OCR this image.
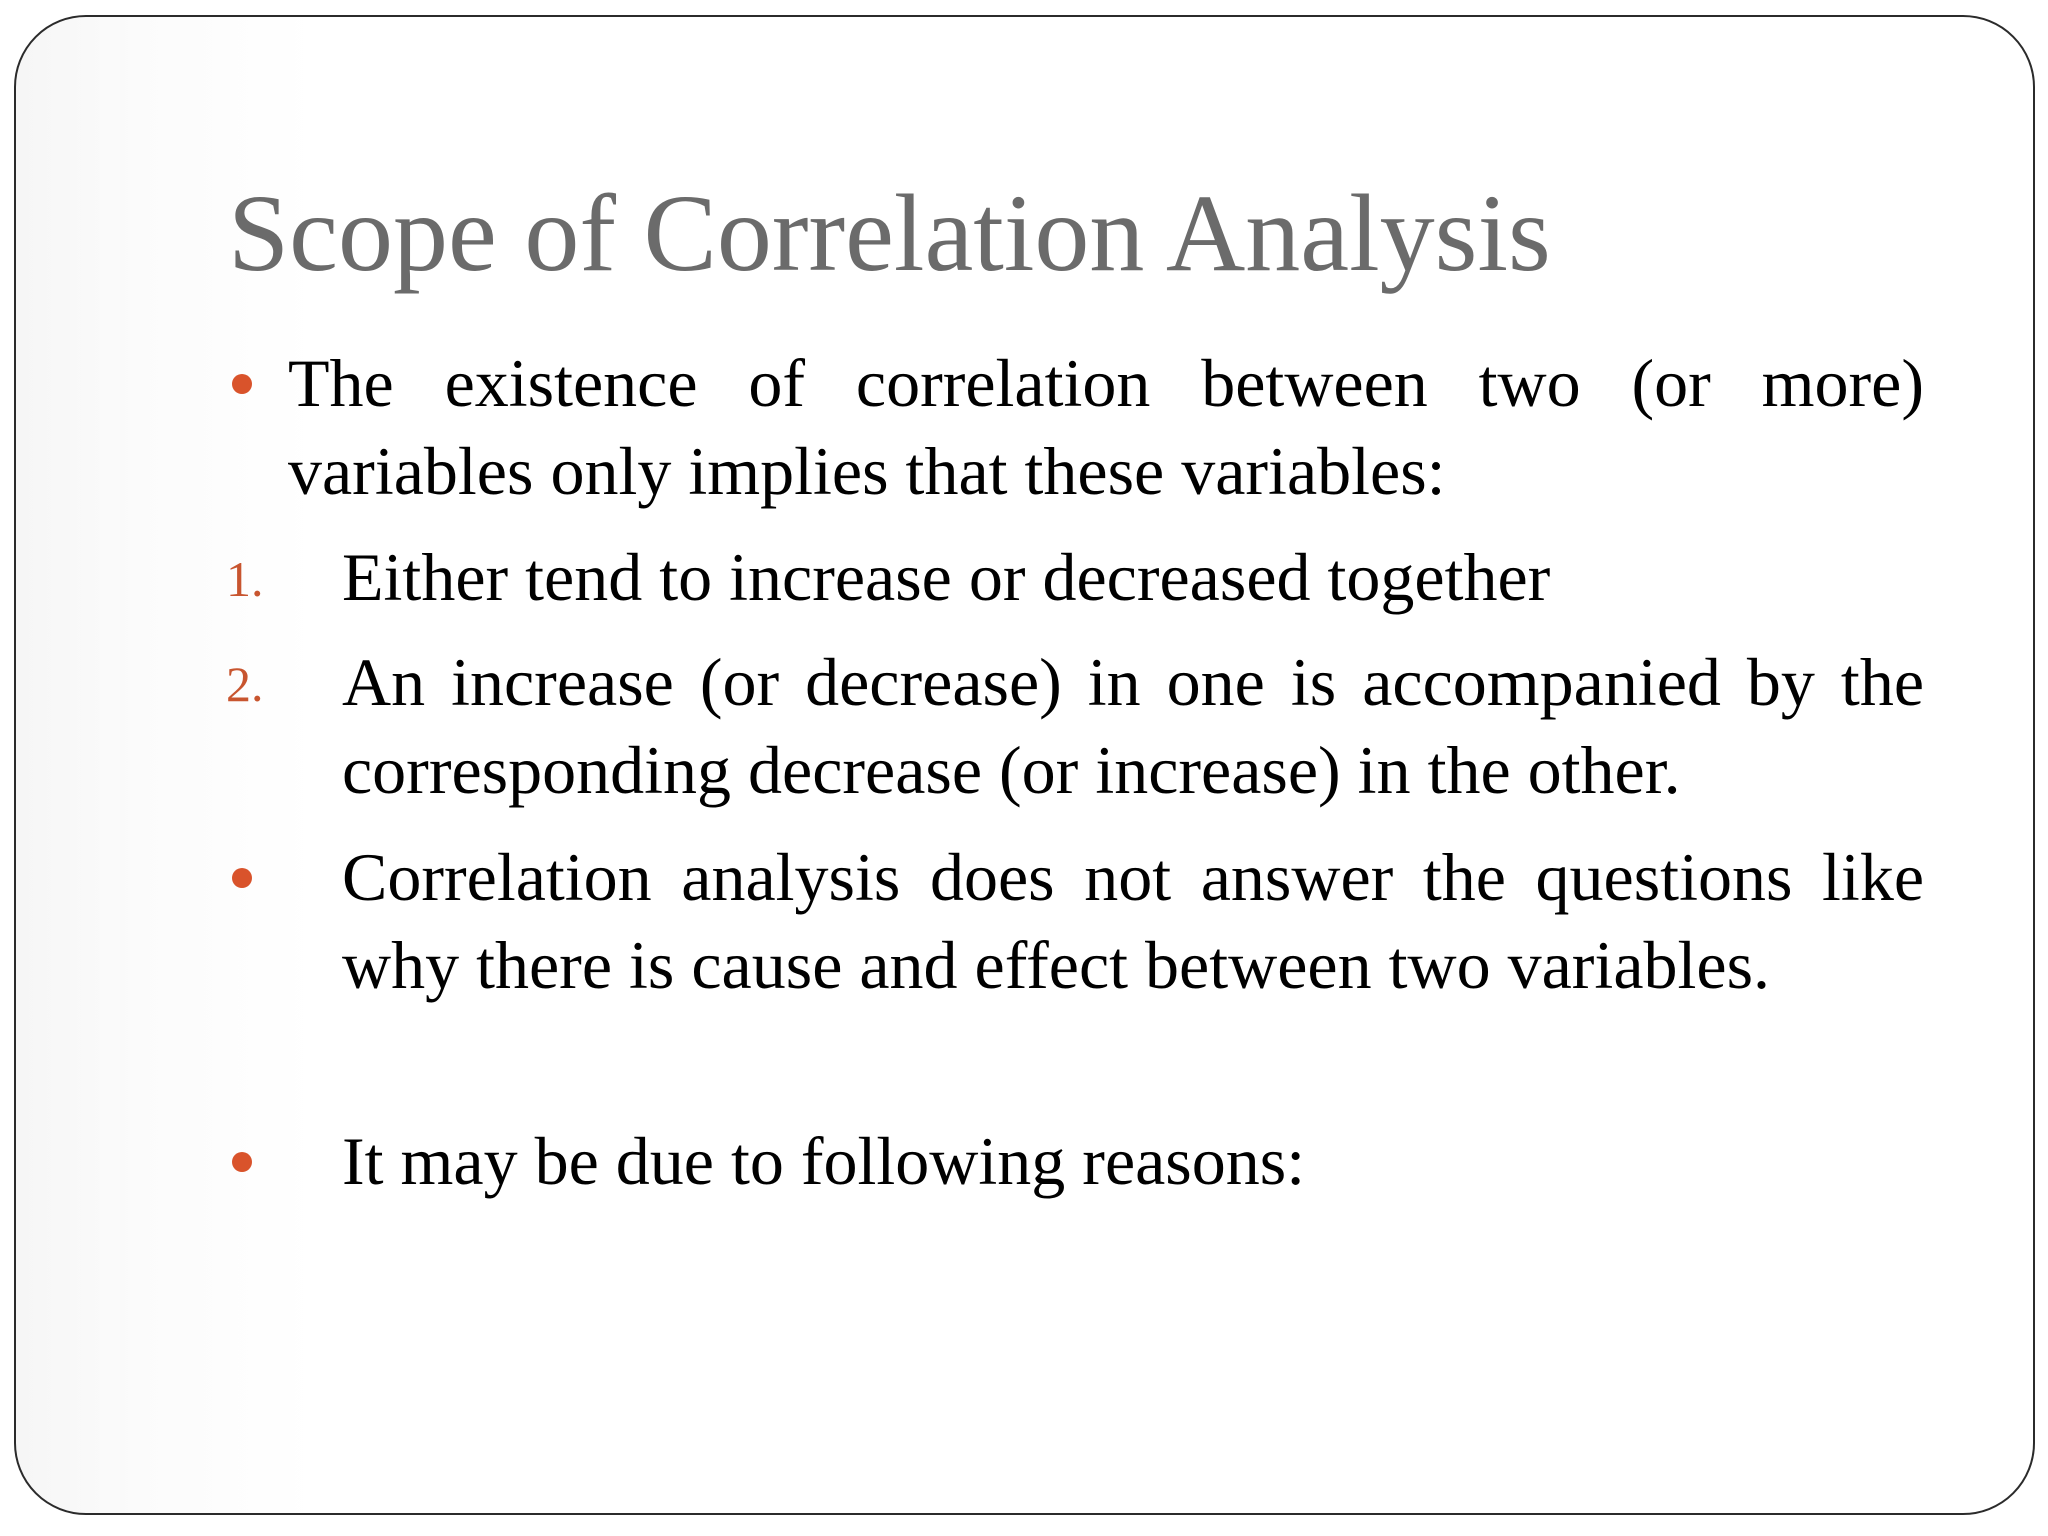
Scope of Correlation Analysis
The existence of correlation between two (or more) variables only implies that these variables:
1. Either tend to increase or decreased together
2. An increase (or decrease) in one is accompanied by the corresponding decrease (or increase) in the other.
Correlation analysis does not answer the questions like why there is cause and effect between two variables.
It may be due to following reasons:
